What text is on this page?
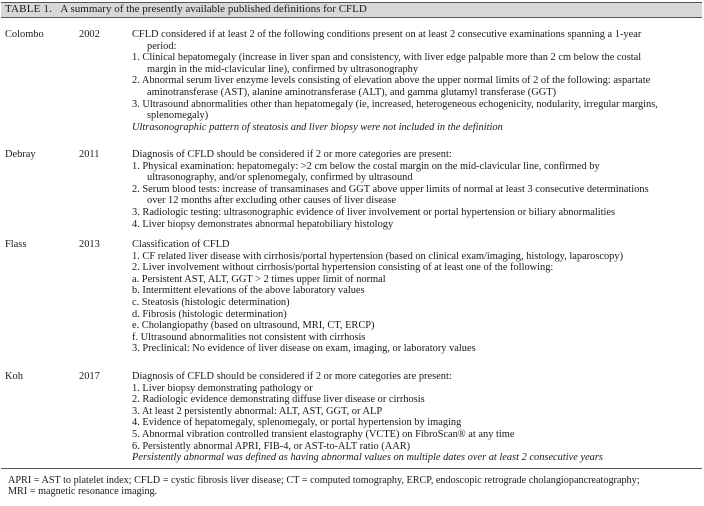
TABLE 1. A summary of the presently available published definitions for CFLD
Colombo	2002	CFLD considered if at least 2 of the following conditions present on at least 2 consecutive examinations spanning a 1-year
period:
1. Clinical hepatomegaly (increase in liver span and consistency, with liver edge palpable more than 2 cm below the costal
margin in the mid-clavicular line), confirmed by ultrasonography
2. Abnormal serum liver enzyme levels consisting of elevation above the upper normal limits of 2 of the following: aspartate
aminotransferase (AST), alanine aminotransferase (ALT), and gamma glutamyl transferase (GGT)
3. Ultrasound abnormalities other than hepatomegaly (ie, increased, heterogeneous echogenicity, nodularity, irregular margins,
splenomegaly)
Ultrasonographic pattern of steatosis and liver biopsy were not included in the definition
Debray	2011	Diagnosis of CFLD should be considered if 2 or more categories are present:
1. Physical examination: hepatomegaly: >2 cm below the costal margin on the mid-clavicular line, confirmed by
ultrasonography, and/or splenomegaly, confirmed by ultrasound
2. Serum blood tests: increase of transaminases and GGT above upper limits of normal at least 3 consecutive determinations
over 12 months after excluding other causes of liver disease
3. Radiologic testing: ultrasonographic evidence of liver involvement or portal hypertension or biliary abnormalities
4. Liver biopsy demonstrates abnormal hepatobiliary histology
Flass	2013	Classification of CFLD
1. CF related liver disease with cirrhosis/portal hypertension (based on clinical exam/imaging, histology, laparoscopy)
2. Liver involvement without cirrhosis/portal hypertension consisting of at least one of the following:
a. Persistent AST, ALT, GGT > 2 times upper limit of normal
b. Intermittent elevations of the above laboratory values
c. Steatosis (histologic determination)
d. Fibrosis (histologic determination)
e. Cholangiopathy (based on ultrasound, MRI, CT, ERCP)
f. Ultrasound abnormalities not consistent with cirrhosis
3. Preclinical: No evidence of liver disease on exam, imaging, or laboratory values
Koh	2017	Diagnosis of CFLD should be considered if 2 or more categories are present:
1. Liver biopsy demonstrating pathology or
2. Radiologic evidence demonstrating diffuse liver disease or cirrhosis
3. At least 2 persistently abnormal: ALT, AST, GGT, or ALP
4. Evidence of hepatomegaly, splenomegaly, or portal hypertension by imaging
5. Abnormal vibration controlled transient elastography (VCTE) on FibroScan® at any time
6. Persistently abnormal APRI, FIB-4, or AST-to-ALT ratio (AAR)
Persistently abnormal was defined as having abnormal values on multiple dates over at least 2 consecutive years
APRI = AST to platelet index; CFLD = cystic fibrosis liver disease; CT = computed tomography, ERCP, endoscopic retrograde cholangiopancreatography;
MRI = magnetic resonance imaging.
